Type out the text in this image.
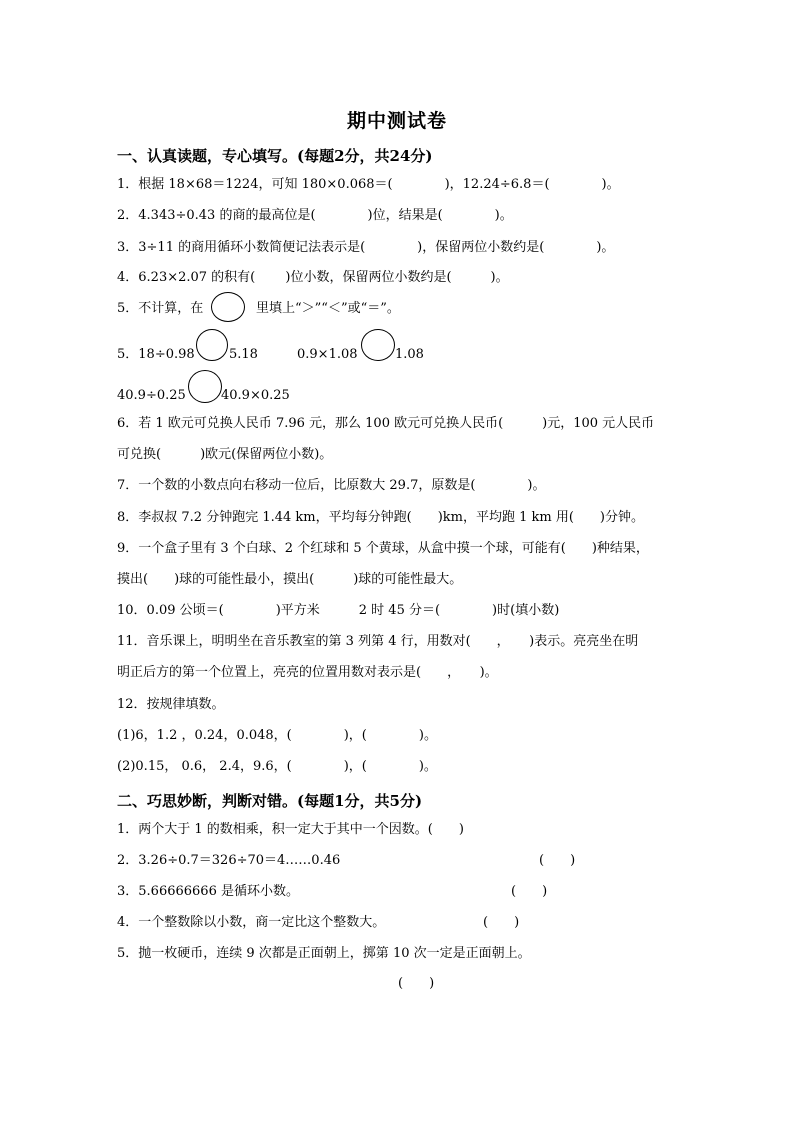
期中测试卷
一、认真读题，专心填写。(每题2分，共24分)
1．根据 18×68＝1224，可知 180×0.068＝(　　　　)，12.24÷6.8＝(　　　　)。
2．4.343÷0.43 的商的最高位是(　　　　)位，结果是(　　　　)。
3．3÷11 的商用循环小数简便记法表示是(　　　　)，保留两位小数约是(　　　　)。
4．6.23×2.07 的积有(　　 )位小数，保留两位小数约是(　　　)。
5．不计算，在	里填上“＞”“＜”或“＝”。
5．18÷0.98	5.18	0.9×1.08	1.08
40.9÷0.25	40.9×0.25
6．若 1 欧元可兑换人民币 7.96 元，那么 100 欧元可兑换人民币(　　　)元，100 元人民币
可兑换(　　　)欧元(保留两位小数)。
7．一个数的小数点向右移动一位后，比原数大 29.7，原数是(　　　　)。
8．李叔叔 7.2 分钟跑完 1.44 km，平均每分钟跑(　　)km，平均跑 1 km 用(　　)分钟。
9．一个盒子里有 3 个白球、2 个红球和 5 个黄球，从盒中摸一个球，可能有(　　)种结果，
摸出(　　)球的可能性最小，摸出(　　　)球的可能性最大。
10．0.09 公顷＝(　　　　)平方米　　　2 时 45 分＝(　　　　)时(填小数)
11．音乐课上，明明坐在音乐教室的第 3 列第 4 行，用数对(　　，　　)表示。亮亮坐在明
明正后方的第一个位置上，亮亮的位置用数对表示是(　　，　　)。
12．按规律填数。
(1)6，1.2 ，0.24，0.048，(　　　　)，(　　　　)。
(2)0.15， 0.6， 2.4，9.6，(　　　　)，(　　　　)。
二、巧思妙断，判断对错。(每题1分，共5分)
1．两个大于 1 的数相乘，积一定大于其中一个因数。(　　)
2．3.26÷0.7＝326÷70＝4……0.46	(　　)
3．5.66666666 是循环小数。	(　　)
4．一个整数除以小数，商一定比这个整数大。	(　　)
5．抛一枚硬币，连续 9 次都是正面朝上，掷第 10 次一定是正面朝上。
(　　)
